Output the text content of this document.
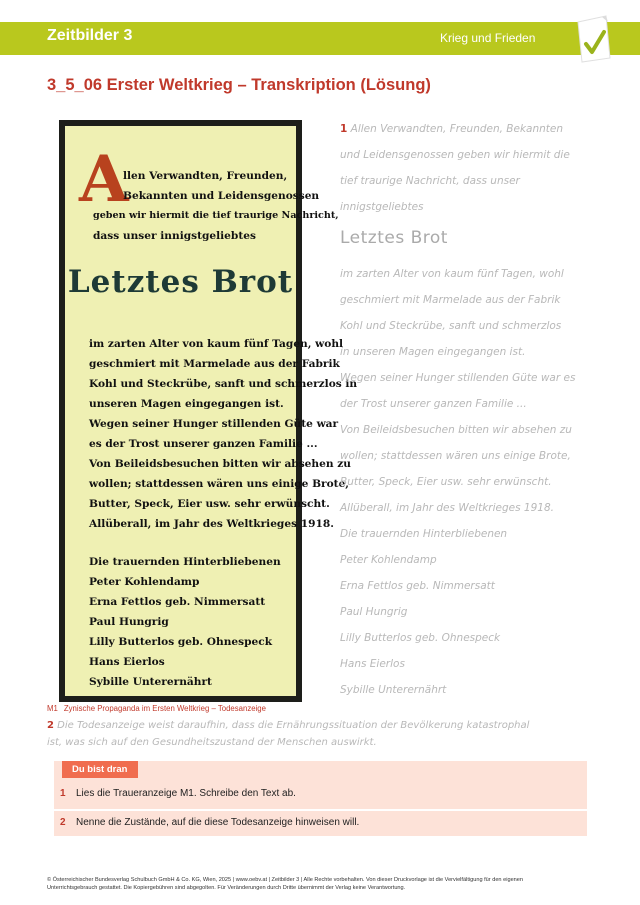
Zeitbilder 3	Krieg und Frieden
3_5_06 Erster Weltkrieg – Transkription (Lösung)
A
llen Verwandten, Freunden,
Bekannten und Leidensgenossen
geben wir hiermit die tief traurige Nachricht,
dass unser innigstgeliebtes
Letztes Brot
im zarten Alter von kaum fünf Tagen, wohl
geschmiert mit Marmelade aus der Fabrik
Kohl und Steckrübe, sanft und schmerzlos in
unseren Magen eingegangen ist.
Wegen seiner Hunger stillenden Güte war
es der Trost unserer ganzen Familie ...
Von Beileidsbesuchen bitten wir absehen zu
wollen; stattdessen wären uns einige Brote,
Butter, Speck, Eier usw. sehr erwünscht.
Allüberall, im Jahr des Weltkrieges 1918.
Die trauernden Hinterbliebenen
Peter Kohlendamp
Erna Fettlos geb. Nimmersatt
Paul Hungrig
Lilly Butterlos geb. Ohnespeck
Hans Eierlos
Sybille Unterernährt
M1 Zynische Propaganda im Ersten Weltkrieg – Todesanzeige
1 Allen Verwandten, Freunden, Bekannten
und Leidensgenossen geben wir hiermit die
tief traurige Nachricht, dass unser
innigstgeliebtes
Letztes Brot
im zarten Alter von kaum fünf Tagen, wohl
geschmiert mit Marmelade aus der Fabrik
Kohl und Steckrübe, sanft und schmerzlos
in unseren Magen eingegangen ist.
Wegen seiner Hunger stillenden Güte war es
der Trost unserer ganzen Familie ...
Von Beileidsbesuchen bitten wir absehen zu
wollen; stattdessen wären uns einige Brote,
Butter, Speck, Eier usw. sehr erwünscht.
Allüberall, im Jahr des Weltkrieges 1918.
Die trauernden Hinterbliebenen
Peter Kohlendamp
Erna Fettlos geb. Nimmersatt
Paul Hungrig
Lilly Butterlos geb. Ohnespeck
Hans Eierlos
Sybille Unterernährt
2 Die Todesanzeige weist daraufhin, dass die Ernährungssituation der Bevölkerung katastrophal
ist, was sich auf den Gesundheitszustand der Menschen auswirkt.
Du bist dran
1 Lies die Traueranzeige M1. Schreibe den Text ab.
2 Nenne die Zustände, auf die diese Todesanzeige hinweisen will.
© Österreichischer Bundesverlag Schulbuch GmbH & Co. KG, Wien, 2025 | www.oebv.at | Zeitbilder 3 | Alle Rechte vorbehalten. Von dieser Druckvorlage ist die Vervielfältigung für den eigenen
Unterrichtsgebrauch gestattet. Die Kopiergebühren sind abgegolten. Für Veränderungen durch Dritte übernimmt der Verlag keine Verantwortung.
